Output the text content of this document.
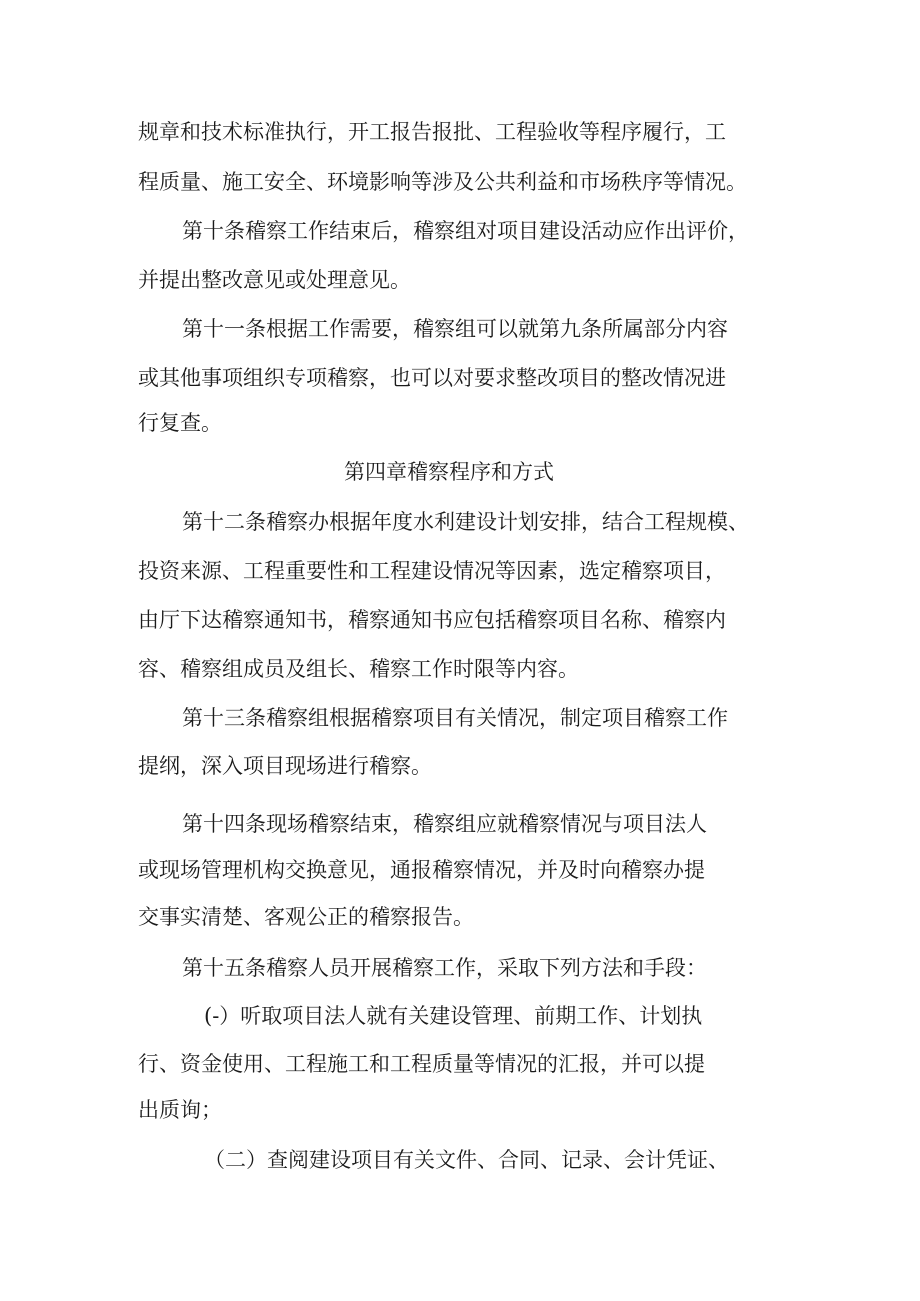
规章和技术标准执行，开工报告报批、工程验收等程序履行，工
程质量、施工安全、环境影响等涉及公共利益和市场秩序等情况。
第十条稽察工作结束后，稽察组对项目建设活动应作出评价，
并提出整改意见或处理意见。
第十一条根据工作需要，稽察组可以就第九条所属部分内容
或其他事项组织专项稽察，也可以对要求整改项目的整改情况进
行复查。
第四章稽察程序和方式
第十二条稽察办根据年度水利建设计划安排，结合工程规模、
投资来源、工程重要性和工程建设情况等因素，选定稽察项目，
由厅下达稽察通知书，稽察通知书应包括稽察项目名称、稽察内
容、稽察组成员及组长、稽察工作时限等内容。
第十三条稽察组根据稽察项目有关情况，制定项目稽察工作
提纲，深入项目现场进行稽察。
第十四条现场稽察结束，稽察组应就稽察情况与项目法人
或现场管理机构交换意见，通报稽察情况，并及时向稽察办提
交事实清楚、客观公正的稽察报告。
第十五条稽察人员开展稽察工作，采取下列方法和手段：
(-）听取项目法人就有关建设管理、前期工作、计划执
行、资金使用、工程施工和工程质量等情况的汇报，并可以提
出质询；
（二）查阅建设项目有关文件、合同、记录、会计凭证、
